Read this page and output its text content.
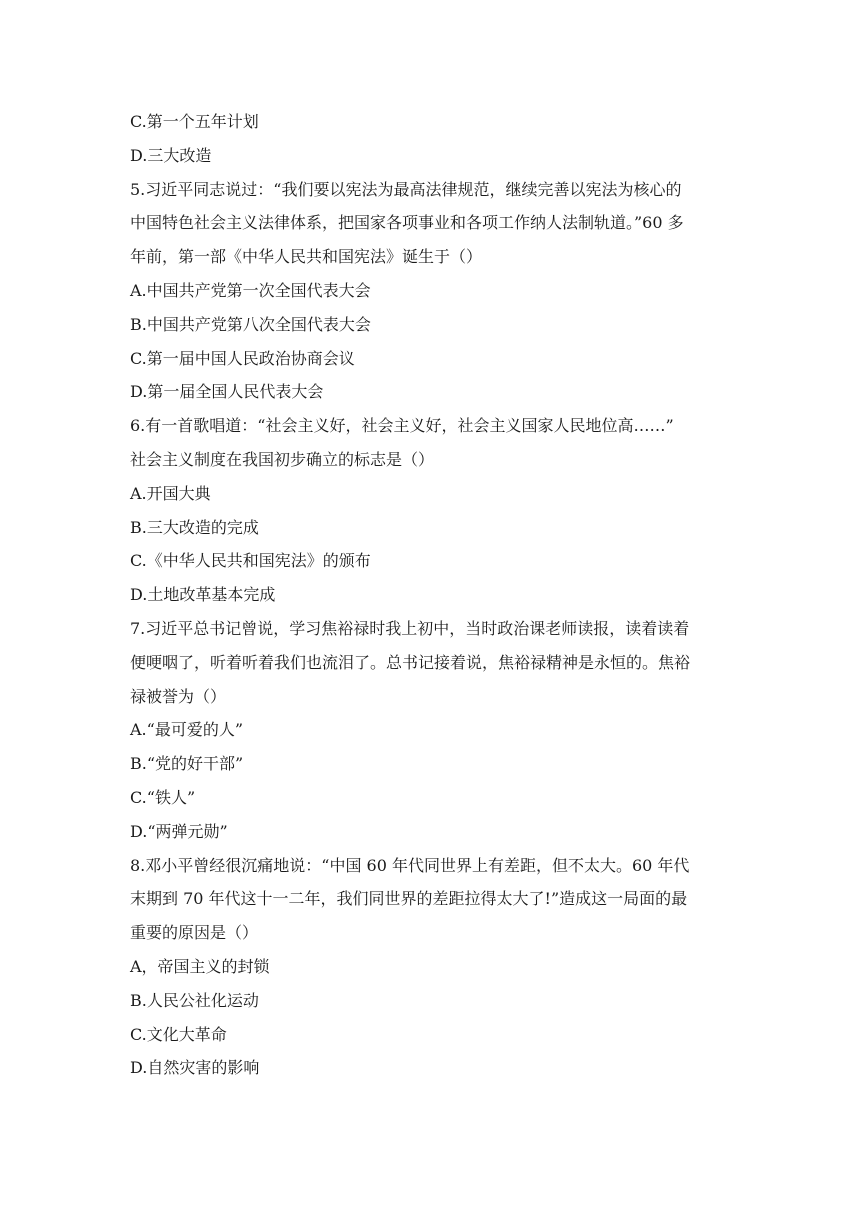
C.第一个五年计划
D.三大改造
5.习近平同志说过：“我们要以宪法为最高法律规范，继续完善以宪法为核心的
中国特色社会主义法律体系，把国家各项事业和各项工作纳人法制轨道。”60 多
年前，第一部《中华人民共和国宪法》诞生于（）
A.中国共产党第一次全国代表大会
B.中国共产党第八次全国代表大会
C.第一届中国人民政治协商会议
D.第一届全国人民代表大会
6.有一首歌唱道：“社会主义好，社会主义好，社会主义国家人民地位高……”
社会主义制度在我国初步确立的标志是（）
A.开国大典
B.三大改造的完成
C.《中华人民共和国宪法》的颁布
D.土地改革基本完成
7.习近平总书记曾说，学习焦裕禄时我上初中，当时政治课老师读报，读着读着
便哽咽了，听着听着我们也流泪了。总书记接着说，焦裕禄精神是永恒的。焦裕
禄被誉为（）
A.“最可爱的人”
B.“党的好干部”
C.“铁人”
D.“两弹元勋”
8.邓小平曾经很沉痛地说：“中国 60 年代同世界上有差距，但不太大。60 年代
末期到 70 年代这十一二年，我们同世界的差距拉得太大了!”造成这一局面的最
重要的原因是（）
A，帝国主义的封锁
B.人民公社化运动
C.文化大革命
D.自然灾害的影响
